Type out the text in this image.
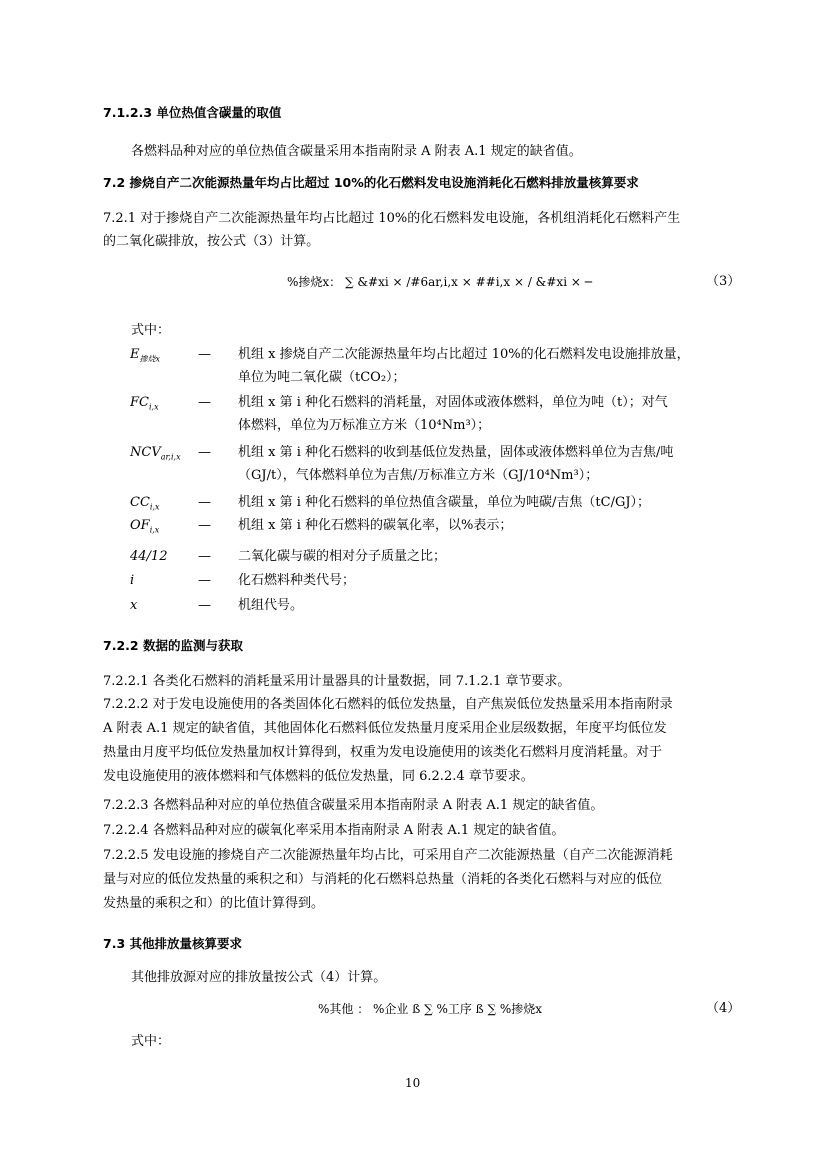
7.1.2.3 单位热值含碳量的取值
各燃料品种对应的单位热值含碳量采用本指南附录 A 附表 A.1 规定的缺省值。
7.2 掺烧自产二次能源热量年均占比超过 10%的化石燃料发电设施消耗化石燃料排放量核算要求
7.2.1 对于掺烧自产二次能源热量年均占比超过 10%的化石燃料发电设施，各机组消耗化石燃料产生
的二氧化碳排放，按公式（3）计算。
%掺烧x： ∑ &#xi × /#6ar,i,x × ##i,x × / &#xi × ─	（3）
式中：
$E_{掺烧x}$	— 机组 x 掺烧自产二次能源热量年均占比超过 10%的化石燃料发电设施排放量，
单位为吨二氧化碳（tCO₂）；
$FC_{i,x}$	— 机组 x 第 i 种化石燃料的消耗量，对固体或液体燃料，单位为吨（t）；对气
体燃料，单位为万标准立方米（10⁴Nm³）；
$NCV_{ar,i,x}$ — 机组 x 第 i 种化石燃料的收到基低位发热量，固体或液体燃料单位为吉焦/吨
（GJ/t），气体燃料单位为吉焦/万标准立方米（GJ/10⁴Nm³）；
$CC_{i,x}$	— 机组 x 第 i 种化石燃料的单位热值含碳量，单位为吨碳/吉焦（tC/GJ）；
$OF_{i,x}$	— 机组 x 第 i 种化石燃料的碳氧化率，以%表示；
44/12 — 二氧化碳与碳的相对分子质量之比；
i	— 化石燃料种类代号；
x	— 机组代号。
7.2.2 数据的监测与获取
7.2.2.1 各类化石燃料的消耗量采用计量器具的计量数据，同 7.1.2.1 章节要求。
7.2.2.2 对于发电设施使用的各类固体化石燃料的低位发热量，自产焦炭低位发热量采用本指南附录
A 附表 A.1 规定的缺省值，其他固体化石燃料低位发热量月度采用企业层级数据，年度平均低位发
热量由月度平均低位发热量加权计算得到，权重为发电设施使用的该类化石燃料月度消耗量。对于
发电设施使用的液体燃料和气体燃料的低位发热量，同 6.2.2.4 章节要求。
7.2.2.3 各燃料品种对应的单位热值含碳量采用本指南附录 A 附表 A.1 规定的缺省值。
7.2.2.4 各燃料品种对应的碳氧化率采用本指南附录 A 附表 A.1 规定的缺省值。
7.2.2.5 发电设施的掺烧自产二次能源热量年均占比，可采用自产二次能源热量（自产二次能源消耗
量与对应的低位发热量的乘积之和）与消耗的化石燃料总热量（消耗的各类化石燃料与对应的低位
发热量的乘积之和）的比值计算得到。
7.3 其他排放量核算要求
其他排放源对应的排放量按公式（4）计算。
%其他 ： %企业 ß ∑ %工序 ß ∑ %掺烧x	（4）
式中：
10
